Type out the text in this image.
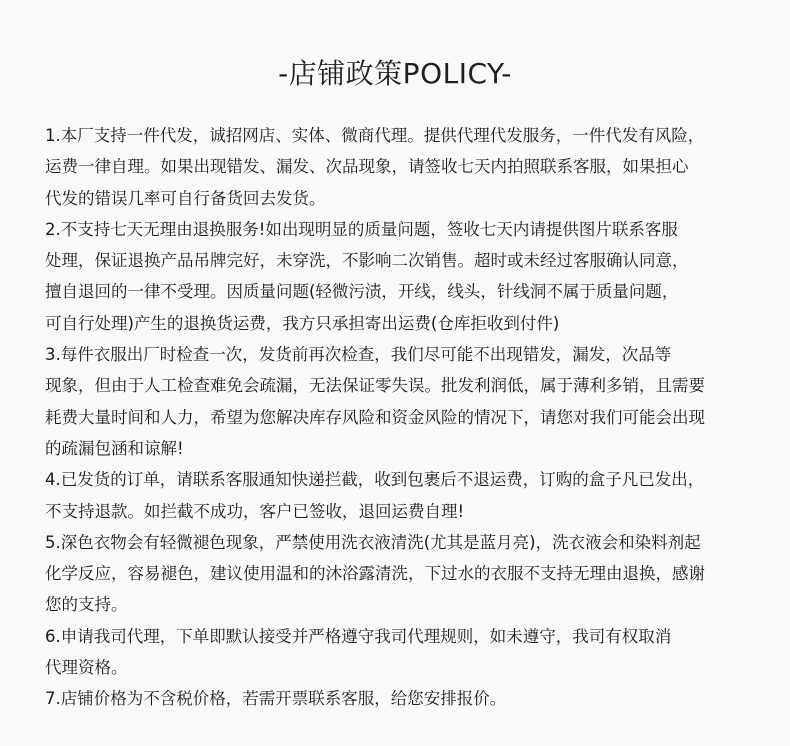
-店铺政策POLICY-
1.本厂支持一件代发，诚招网店、实体、微商代理。提供代理代发服务，一件代发有风险，
运费一律自理。如果出现错发、漏发、次品现象，请签收七天内拍照联系客服，如果担心
代发的错误几率可自行备货回去发货。
2.不支持七天无理由退换服务!如出现明显的质量问题，签收七天内请提供图片联系客服
处理，保证退换产品吊牌完好，未穿洗，不影响二次销售。超时或未经过客服确认同意，
擅自退回的一律不受理。因质量问题(轻微污渍，开线，线头，针线洞不属于质量问题，
可自行处理)产生的退换货运费，我方只承担寄出运费(仓库拒收到付件)
3.每件衣服出厂时检查一次，发货前再次检查，我们尽可能不出现错发，漏发，次品等
现象，但由于人工检查难免会疏漏，无法保证零失误。批发利润低，属于薄利多销，且需要
耗费大量时间和人力，希望为您解决库存风险和资金风险的情况下，请您对我们可能会出现
的疏漏包涵和谅解!
4.已发货的订单，请联系客服通知快递拦截，收到包裹后不退运费，订购的盒子凡已发出，
不支持退款。如拦截不成功，客户已签收，退回运费自理!
5.深色衣物会有轻微褪色现象，严禁使用洗衣液清洗(尤其是蓝月亮)，洗衣液会和染料剂起
化学反应，容易褪色，建议使用温和的沐浴露清洗，下过水的衣服不支持无理由退换，感谢
您的支持。
6.申请我司代理，下单即默认接受并严格遵守我司代理规则，如未遵守，我司有权取消
代理资格。
7.店铺价格为不含税价格，若需开票联系客服，给您安排报价。
